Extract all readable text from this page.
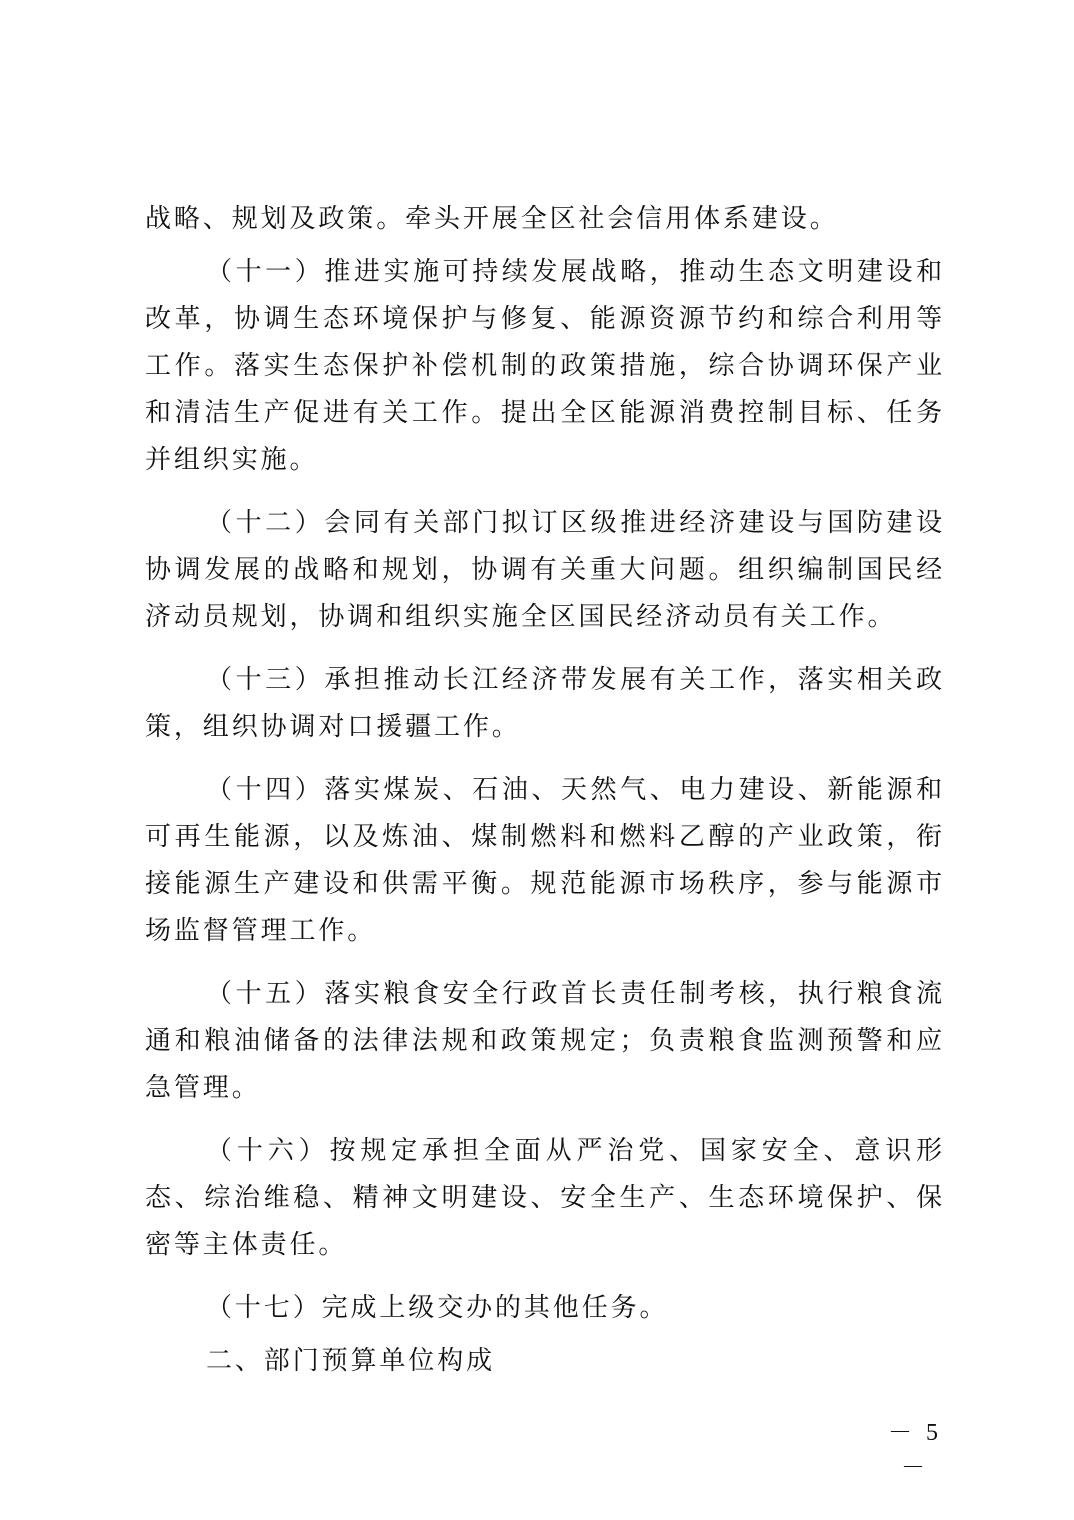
战略、规划及政策。牵头开展全区社会信用体系建设。

（十一）推进实施可持续发展战略，推动生态文明建设和改革，协调生态环境保护与修复、能源资源节约和综合利用等工作。落实生态保护补偿机制的政策措施，综合协调环保产业和清洁生产促进有关工作。提出全区能源消费控制目标、任务并组织实施。

（十二）会同有关部门拟订区级推进经济建设与国防建设协调发展的战略和规划，协调有关重大问题。组织编制国民经济动员规划，协调和组织实施全区国民经济动员有关工作。

（十三）承担推动长江经济带发展有关工作，落实相关政策，组织协调对口援疆工作。

（十四）落实煤炭、石油、天然气、电力建设、新能源和可再生能源，以及炼油、煤制燃料和燃料乙醇的产业政策，衔接能源生产建设和供需平衡。规范能源市场秩序，参与能源市场监督管理工作。

（十五）落实粮食安全行政首长责任制考核，执行粮食流通和粮油储备的法律法规和政策规定；负责粮食监测预警和应急管理。

（十六）按规定承担全面从严治党、国家安全、意识形态、综治维稳、精神文明建设、安全生产、生态环境保护、保密等主体责任。

（十七）完成上级交办的其他任务。

二、部门预算单位构成

－ 5 －
